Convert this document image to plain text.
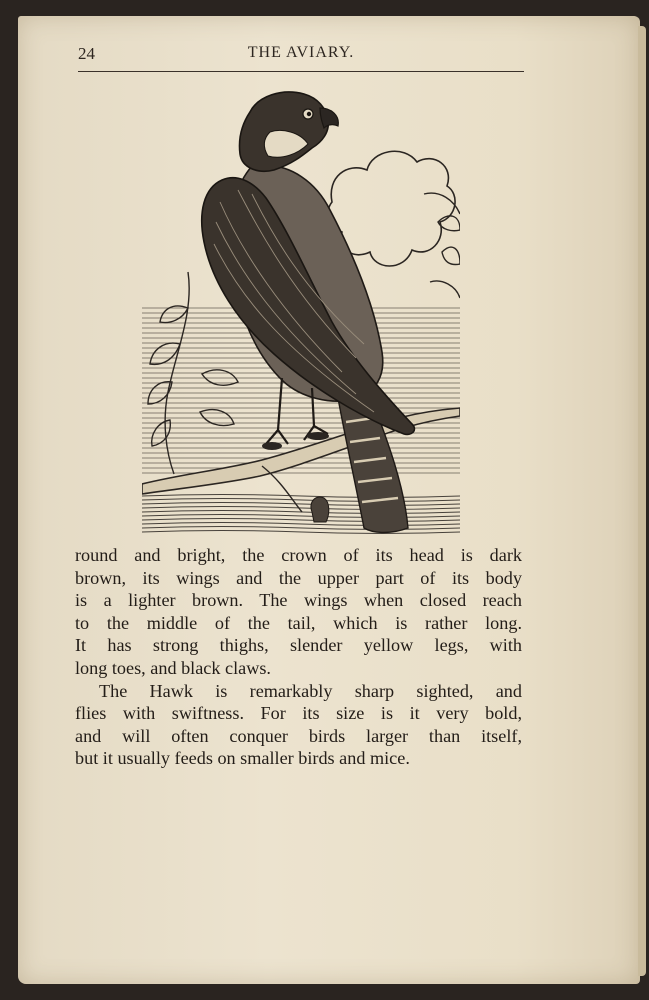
24	THE AVIARY.
round and bright, the crown of its head is dark
brown, its wings and the upper part of its body
is a lighter brown. The wings when closed reach
to the middle of the tail, which is rather long.
It has strong thighs, slender yellow legs, with
long toes, and black claws.
The Hawk is remarkably sharp sighted, and
flies with swiftness. For its size is it very bold,
and will often conquer birds larger than itself,
but it usually feeds on smaller birds and mice.
